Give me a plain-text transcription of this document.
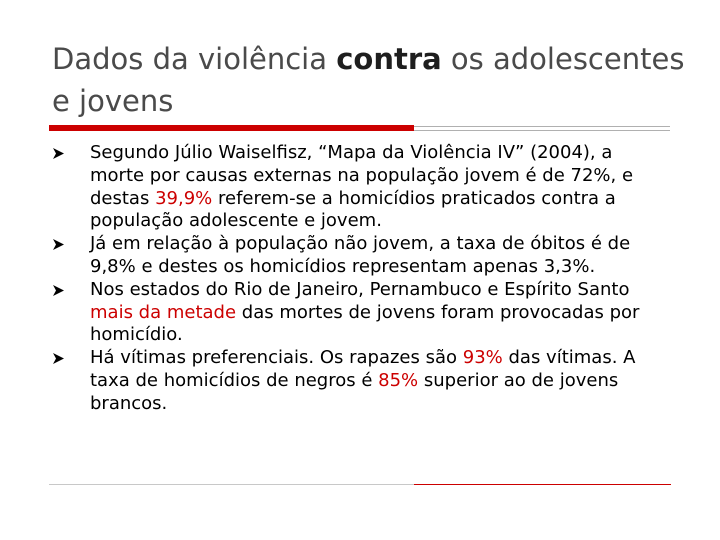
Dados da violência contra os adolescentes e jovens
Segundo Júlio Waiselfisz, “Mapa da Violência IV” (2004), a morte por causas externas na população jovem é de 72%, e destas 39,9% referem-se a homicídios praticados contra a população adolescente e jovem.
Já em relação à população não jovem, a taxa de óbitos é de 9,8% e destes os homicídios representam apenas 3,3%.
Nos estados do Rio de Janeiro, Pernambuco e Espírito Santo mais da metade das mortes de jovens foram provocadas por homicídio.
Há vítimas preferenciais. Os rapazes são 93% das vítimas. A taxa de homicídios de negros é 85% superior ao de jovens brancos.
